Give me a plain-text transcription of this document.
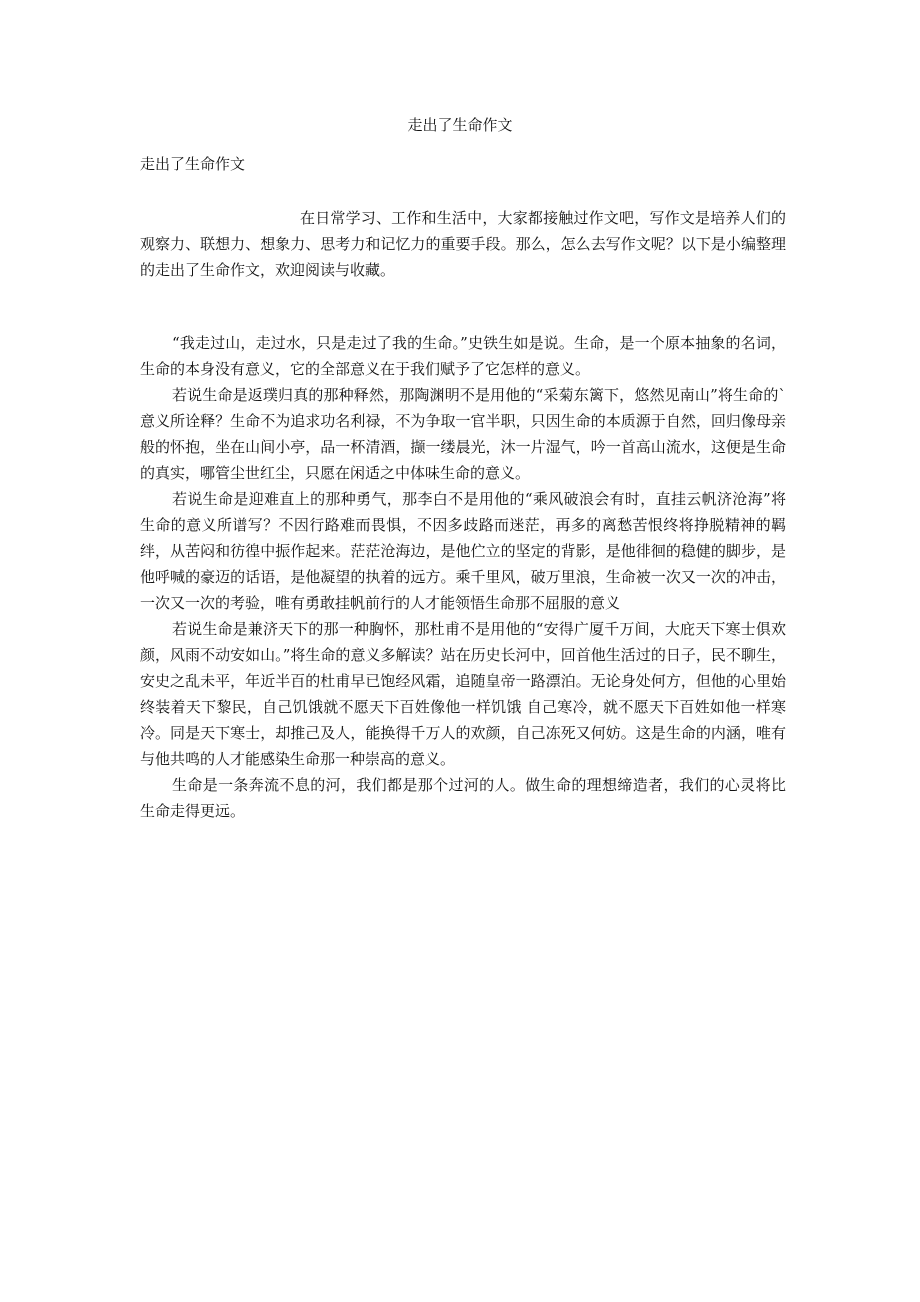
走出了生命作文

走出了生命作文

在日常学习、工作和生活中，大家都接触过作文吧，写作文是培养人们的观察力、联想力、想象力、思考力和记忆力的重要手段。那么，怎么去写作文呢？以下是小编整理的走出了生命作文，欢迎阅读与收藏。

“我走过山，走过水，只是走过了我的生命。”史铁生如是说。生命，是一个原本抽象的名词，生命的本身没有意义，它的全部意义在于我们赋予了它怎样的意义。

若说生命是返璞归真的那种释然，那陶渊明不是用他的“采菊东篱下，悠然见南山”将生命的`意义所诠释？生命不为追求功名利禄，不为争取一官半职，只因生命的本质源于自然，回归像母亲般的怀抱，坐在山间小亭，品一杯清酒，撷一缕晨光，沐一片湿气，吟一首高山流水，这便是生命的真实，哪管尘世红尘，只愿在闲适之中体味生命的意义。

若说生命是迎难直上的那种勇气，那李白不是用他的“乘风破浪会有时，直挂云帆济沧海”将生命的意义所谱写？不因行路难而畏惧，不因多歧路而迷茫，再多的离愁苦恨终将挣脱精神的羁绊，从苦闷和彷徨中振作起来。茫茫沧海边，是他伫立的坚定的背影，是他徘徊的稳健的脚步，是他呼喊的豪迈的话语，是他凝望的执着的远方。乘千里风，破万里浪，生命被一次又一次的冲击，一次又一次的考验，唯有勇敢挂帆前行的人才能领悟生命那不屈服的意义

若说生命是兼济天下的那一种胸怀，那杜甫不是用他的“安得广厦千万间，大庇天下寒士俱欢颜，风雨不动安如山。”将生命的意义多解读？站在历史长河中，回首他生活过的日子，民不聊生，安史之乱未平，年近半百的杜甫早已饱经风霜，追随皇帝一路漂泊。无论身处何方，但他的心里始终装着天下黎民，自己饥饿就不愿天下百姓像他一样饥饿 自己寒冷，就不愿天下百姓如他一样寒冷。同是天下寒士，却推己及人，能换得千万人的欢颜，自己冻死又何妨。这是生命的内涵，唯有与他共鸣的人才能感染生命那一种崇高的意义。

生命是一条奔流不息的河，我们都是那个过河的人。做生命的理想缔造者，我们的心灵将比生命走得更远。
